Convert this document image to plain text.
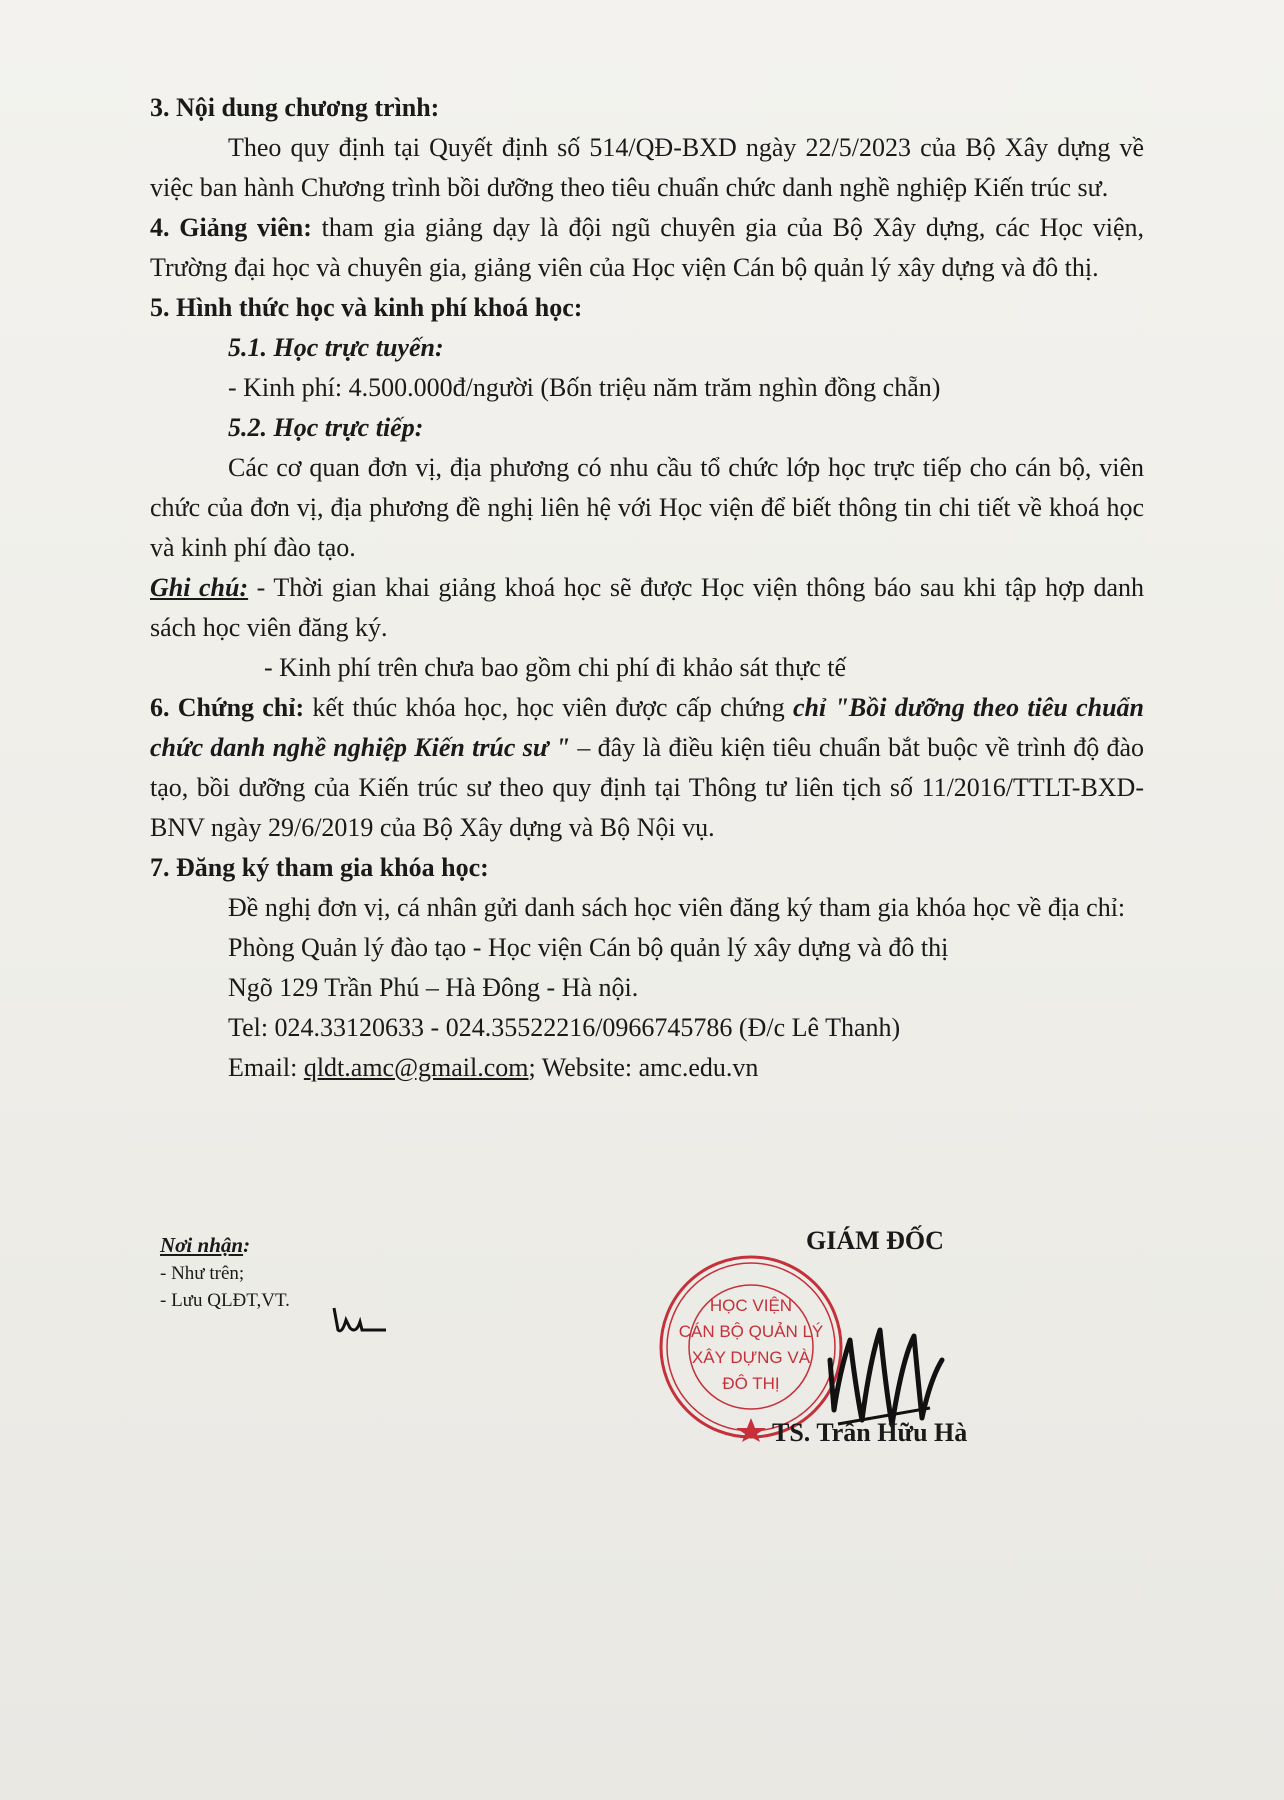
3. Nội dung chương trình:

Theo quy định tại Quyết định số 514/QĐ-BXD ngày 22/5/2023 của Bộ Xây dựng về việc ban hành Chương trình bồi dưỡng theo tiêu chuẩn chức danh nghề nghiệp Kiến trúc sư.

4. Giảng viên: tham gia giảng dạy là đội ngũ chuyên gia của Bộ Xây dựng, các Học viện, Trường đại học và chuyên gia, giảng viên của Học viện Cán bộ quản lý xây dựng và đô thị.

5. Hình thức học và kinh phí khoá học:

5.1. Học trực tuyến:

- Kinh phí: 4.500.000đ/người (Bốn triệu năm trăm nghìn đồng chẵn)

5.2. Học trực tiếp:

Các cơ quan đơn vị, địa phương có nhu cầu tổ chức lớp học trực tiếp cho cán bộ, viên chức của đơn vị, địa phương đề nghị liên hệ với Học viện để biết thông tin chi tiết về khoá học và kinh phí đào tạo.

Ghi chú: - Thời gian khai giảng khoá học sẽ được Học viện thông báo sau khi tập hợp danh sách học viên đăng ký.

- Kinh phí trên chưa bao gồm chi phí đi khảo sát thực tế

6. Chứng chỉ: kết thúc khóa học, học viên được cấp chứng chỉ "Bồi dưỡng theo tiêu chuẩn chức danh nghề nghiệp Kiến trúc sư " – đây là điều kiện tiêu chuẩn bắt buộc về trình độ đào tạo, bồi dưỡng của Kiến trúc sư theo quy định tại Thông tư liên tịch số 11/2016/TTLT-BXD-BNV ngày 29/6/2019 của Bộ Xây dựng và Bộ Nội vụ.

7. Đăng ký tham gia khóa học:

Đề nghị đơn vị, cá nhân gửi danh sách học viên đăng ký tham gia khóa học về địa chỉ:

Phòng Quản lý đào tạo - Học viện Cán bộ quản lý xây dựng và đô thị

Ngõ 129 Trần Phú – Hà Đông - Hà nội.

Tel: 024.33120633 - 024.35522216/0966745786 (Đ/c Lê Thanh)

Email: qldt.amc@gmail.com; Website: amc.edu.vn

Nơi nhận:
- Như trên;
- Lưu QLĐT,VT.
GIÁM ĐỐC
HỌC VIỆN
CÁN BỘ QUẢN LÝ
XÂY DỰNG VÀ
ĐÔ THỊ
TS. Trần Hữu Hà
